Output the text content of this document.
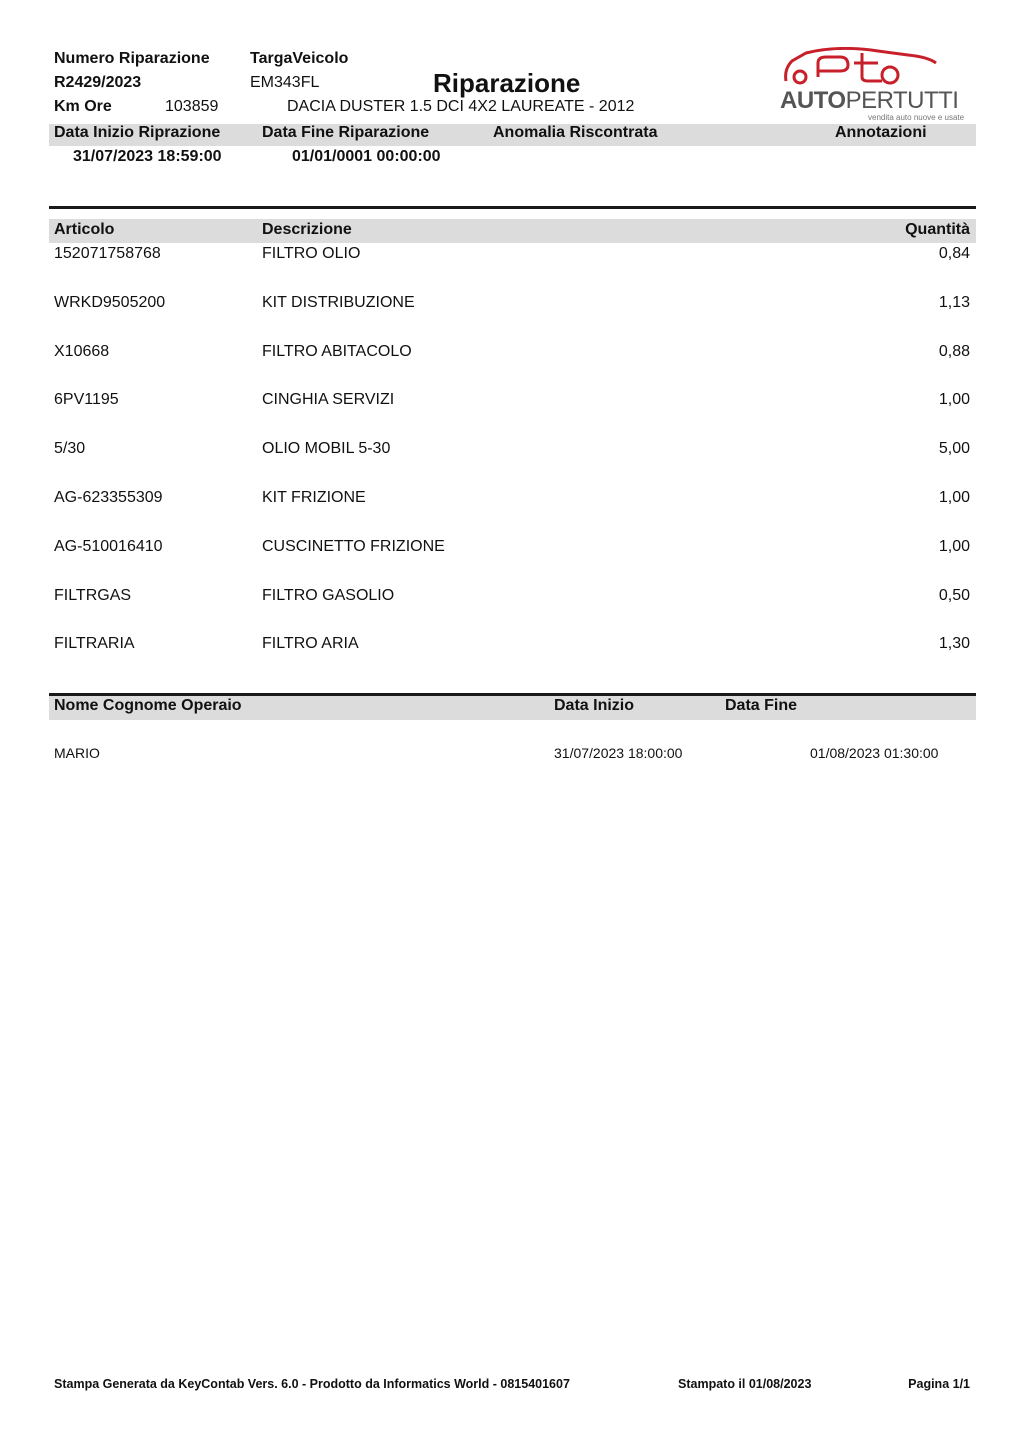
Numero Riparazione
R2429/2023
Km Ore	103859
TargaVeicolo
EM343FL
DACIA DUSTER 1.5 DCI 4X2 LAUREATE - 2012
Riparazione
AUTOPERTUTTI
vendita auto nuove e usate
Data Inizio Riprazione	Data Fine Riparazione	Anomalia Riscontrata	Annotazioni
31/07/2023 18:59:00	01/01/0001 00:00:00
Articolo	Descrizione	Quantità
152071758768	FILTRO OLIO	0,84
WRKD9505200	KIT DISTRIBUZIONE	1,13
X10668	FILTRO ABITACOLO	0,88
6PV1195	CINGHIA SERVIZI	1,00
5/30	OLIO MOBIL 5-30	5,00
AG-623355309	KIT FRIZIONE	1,00
AG-510016410	CUSCINETTO FRIZIONE	1,00
FILTRGAS	FILTRO GASOLIO	0,50
FILTRARIA	FILTRO ARIA	1,30
Nome Cognome Operaio	Data Inizio	Data Fine
MARIO	31/07/2023 18:00:00	01/08/2023 01:30:00
Stampa Generata da KeyContab Vers. 6.0 - Prodotto da Informatics World - 0815401607	Stampato il 01/08/2023	Pagina 1/1
